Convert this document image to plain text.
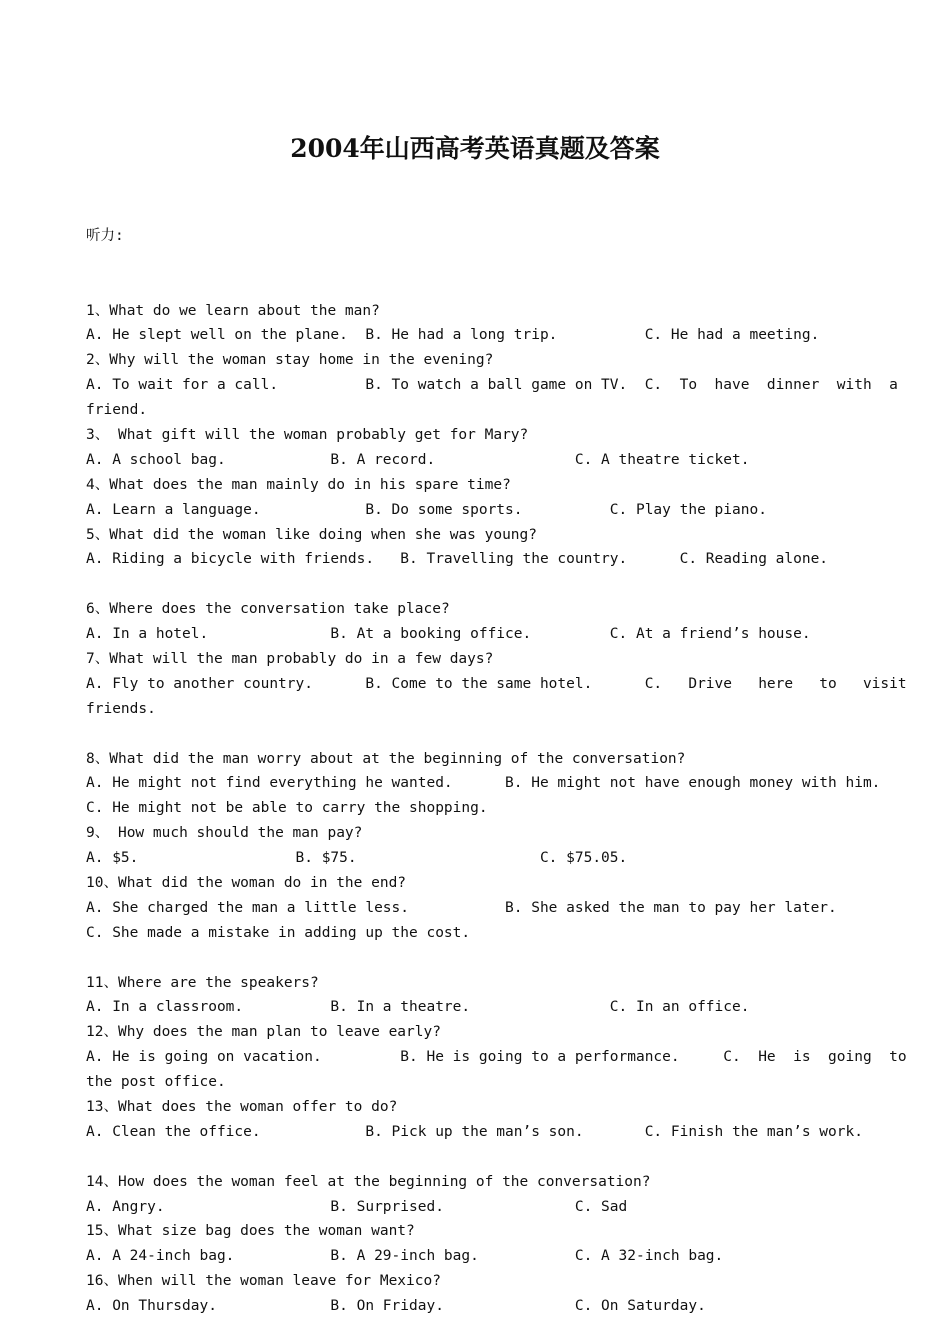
2004年山西高考英语真题及答案

听力:

1、What do we learn about the man?
A. He slept well on the plane.  B. He had a long trip.          C. He had a meeting.
2、Why will the woman stay home in the evening?
A. To wait for a call.          B. To watch a ball game on TV.  C.  To  have  dinner  with  a
friend.
3、 What gift will the woman probably get for Mary?
A. A school bag.            B. A record.                C. A theatre ticket.
4、What does the man mainly do in his spare time?
A. Learn a language.            B. Do some sports.          C. Play the piano.
5、What did the woman like doing when she was young?
A. Riding a bicycle with friends.   B. Travelling the country.      C. Reading alone.
6、Where does the conversation take place?
A. In a hotel.              B. At a booking office.         C. At a friend’s house.
7、What will the man probably do in a few days?
A. Fly to another country.      B. Come to the same hotel.      C.   Drive   here   to   visit
friends.
8、What did the man worry about at the beginning of the conversation?
A. He might not find everything he wanted.      B. He might not have enough money with him.
C. He might not be able to carry the shopping.
9、 How much should the man pay?
A. $5.                  B. $75.                     C. $75.05.
10、What did the woman do in the end?
A. She charged the man a little less.           B. She asked the man to pay her later.
C. She made a mistake in adding up the cost.
11、Where are the speakers?
A. In a classroom.          B. In a theatre.                C. In an office.
12、Why does the man plan to leave early?
A. He is going on vacation.         B. He is going to a performance.     C.  He  is  going  to
the post office.
13、What does the woman offer to do?
A. Clean the office.            B. Pick up the man’s son.       C. Finish the man’s work.
14、How does the woman feel at the beginning of the conversation?
A. Angry.                   B. Surprised.               C. Sad
15、What size bag does the woman want?
A. A 24-inch bag.           B. A 29-inch bag.           C. A 32-inch bag.
16、When will the woman leave for Mexico?
A. On Thursday.             B. On Friday.               C. On Saturday.
